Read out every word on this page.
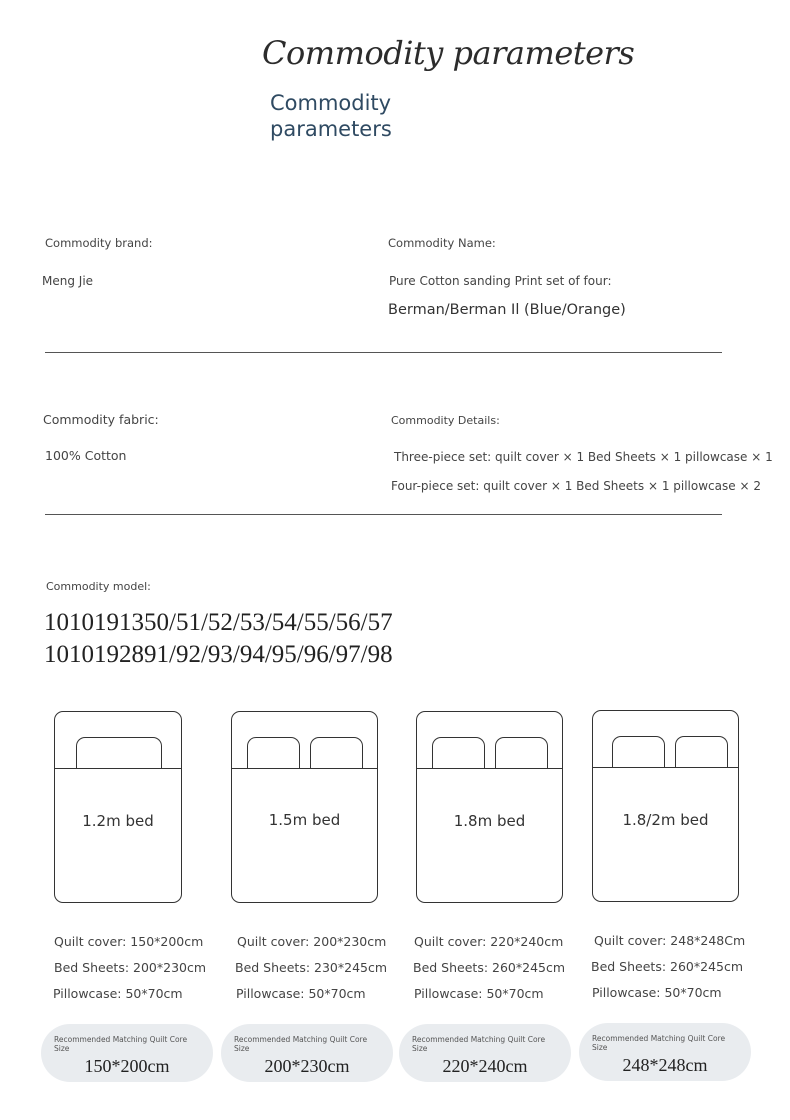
Commodity parameters
Commodity parameters
Commodity brand:
Meng Jie
Commodity Name:
Pure Cotton sanding Print set of four:
Berman/Berman Il (Blue/Orange)
Commodity fabric:
100% Cotton
Commodity Details:
Three-piece set: quilt cover × 1 Bed Sheets × 1 pillowcase × 1
Four-piece set: quilt cover × 1 Bed Sheets × 1 pillowcase × 2
Commodity model:
1010191350/51/52/53/54/55/56/57
1010192891/92/93/94/95/96/97/98
1.2m bed	1.5m bed	1.8m bed	1.8/2m bed
Quilt cover: 150*200cm
Bed Sheets: 200*230cm
Pillowcase: 50*70cm
Quilt cover: 200*230cm
Bed Sheets: 230*245cm
Pillowcase: 50*70cm
Quilt cover: 220*240cm
Bed Sheets: 260*245cm
Pillowcase: 50*70cm
Quilt cover: 248*248Cm
Bed Sheets: 260*245cm
Pillowcase: 50*70cm
Recommended Matching Quilt Core Size
150*200cm
Recommended Matching Quilt Core Size
200*230cm
Recommended Matching Quilt Core Size
220*240cm
Recommended Matching Quilt Core Size
248*248cm
